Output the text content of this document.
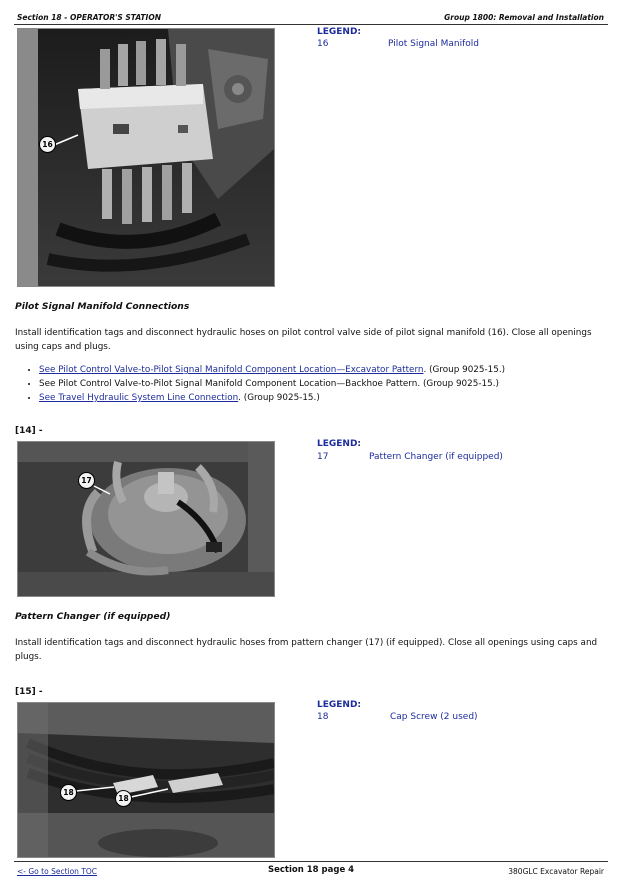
Section 18 - OPERATOR'S STATION	Group 1800: Removal and Installation
16
LEGEND:
16	Pilot Signal Manifold
Pilot Signal Manifold Connections

Install identification tags and disconnect hydraulic hoses on pilot control valve side of pilot signal manifold (16). Close all openings using caps and plugs.

• See Pilot Control Valve-to-Pilot Signal Manifold Component Location—Excavator Pattern. (Group 9025-15.)
• See Pilot Control Valve-to-Pilot Signal Manifold Component Location—Backhoe Pattern. (Group 9025-15.)
• See Travel Hydraulic System Line Connection. (Group 9025-15.)
[14] -
17
LEGEND:
17	Pattern Changer (if equipped)
Pattern Changer (if equipped)

Install identification tags and disconnect hydraulic hoses from pattern changer (17) (if equipped). Close all openings using caps and plugs.

[15] -
18
18
LEGEND:
18	Cap Screw (2 used)
<- Go to Section TOC	Section 18 page 4	380GLC Excavator Repair
